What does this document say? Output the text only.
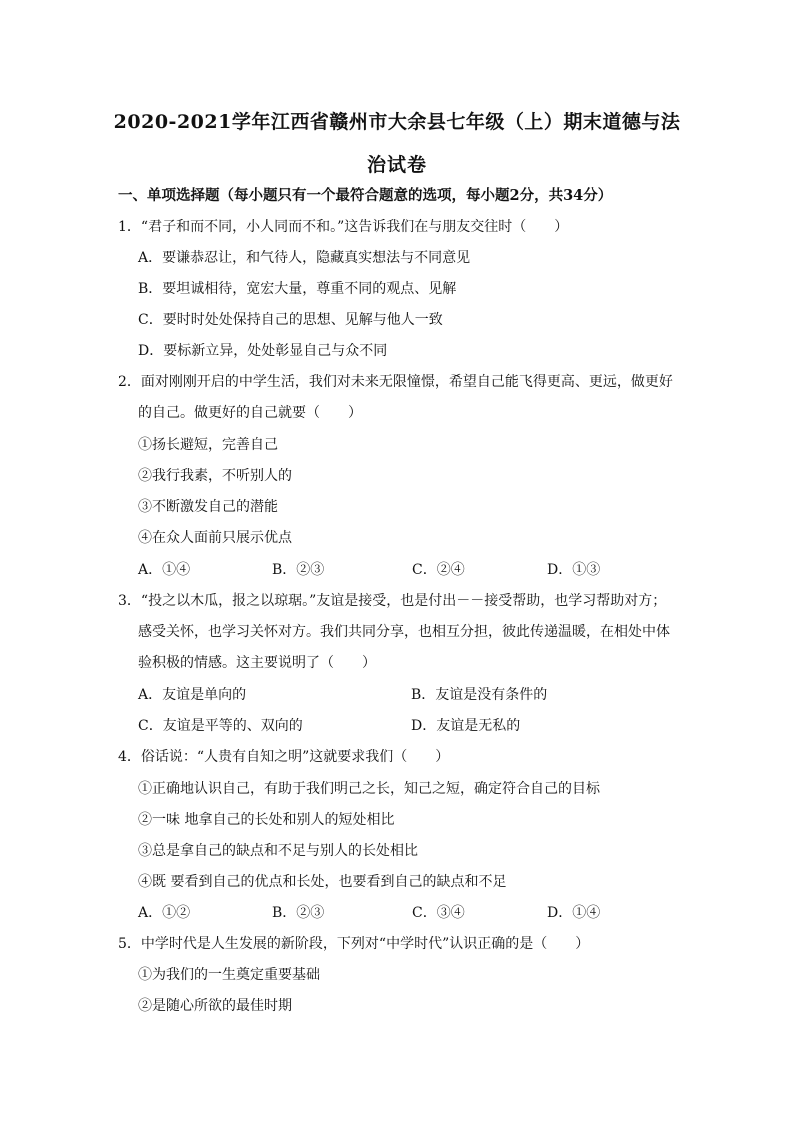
2020-2021学年江西省赣州市大余县七年级（上）期末道德与法
治试卷
一、单项选择题（每小题只有一个最符合题意的选项，每小题2分，共34分）
1．“君子和而不同，小人同而不和。”这告诉我们在与朋友交往时（　　）
A．要谦恭忍让，和气待人，隐藏真实想法与不同意见
B．要坦诚相待，宽宏大量，尊重不同的观点、见解
C．要时时处处保持自己的思想、见解与他人一致
D．要标新立异，处处彰显自己与众不同
2．面对刚刚开启的中学生活，我们对未来无限憧憬，希望自己能飞得更高、更远，做更好
的自己。做更好的自己就要（　　）
①扬长避短，完善自己
②我行我素，不听别人的
③不断激发自己的潜能
④在众人面前只展示优点
A．①④	B．②③	C．②④	D．①③
3．“投之以木瓜，报之以琼琚。”友谊是接受，也是付出－－接受帮助，也学习帮助对方；
感受关怀，也学习关怀对方。我们共同分享，也相互分担，彼此传递温暖，在相处中体
验积极的情感。这主要说明了（　　）
A．友谊是单向的	B．友谊是没有条件的
C．友谊是平等的、双向的	D．友谊是无私的
4．俗话说：“人贵有自知之明”这就要求我们（　　）
①正确地认识自己，有助于我们明己之长，知己之短，确定符合自己的目标
②一味 地拿自己的长处和别人的短处相比
③总是拿自己的缺点和不足与别人的长处相比
④既 要看到自己的优点和长处，也要看到自己的缺点和不足
A．①②	B．②③	C．③④	D．①④
5．中学时代是人生发展的新阶段，下列对“中学时代”认识正确的是（　　）
①为我们的一生奠定重要基础
②是随心所欲的最佳时期
